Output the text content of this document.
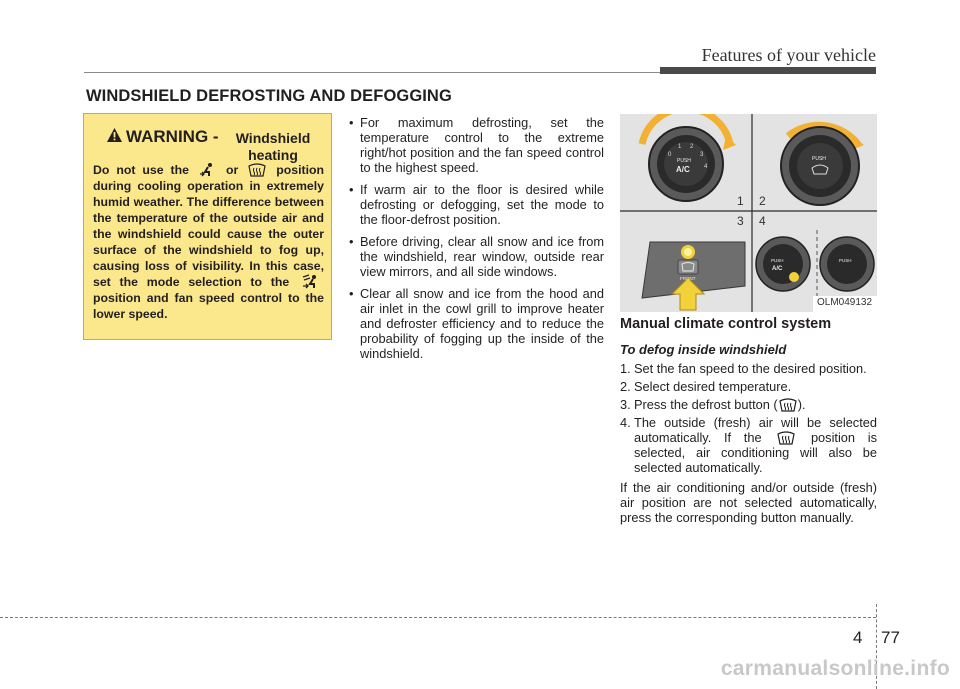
Features of your vehicle
WINDSHIELD DEFROSTING AND DEFOGGING
WARNING -	Windshield heating
Do not use the	or	position during cooling operation in extremely humid weather. The difference between the temperature of the outside air and the windshield could cause the outer surface of the windshield to fog up, causing loss of visibility. In this case, set the mode selection to the  position and fan speed control to the lower speed.
• For maximum defrosting, set the temperature control to the extreme right/hot position and the fan speed control to the highest speed.
• If warm air to the floor is desired while defrosting or defogging, set the mode to the floor-defrost position.
• Before driving, clear all snow and ice from the windshield, rear window, outside rear view mirrors, and all side windows.
• Clear all snow and ice from the hood and air inlet in the cowl grill to improve heater and defroster efficiency and to reduce the probability of fogging up the inside of the windshield.
0
1 2
3
4
PUSH
A/C
PUSH
FRONT
PUSH
A/C
PUSH
1 2
3 4
OLM049132
Manual climate control system
To defog inside windshield
1. Set the fan speed to the desired position.
2. Select desired temperature.
3. Press the defrost button ( ).
4. The outside (fresh) air will be selected automatically. If the	position is selected, air conditioning will also be selected automatically.
If the air conditioning and/or outside (fresh) air position are not selected automatically, press the corresponding button manually.
4 77
carmanualsonline.info
